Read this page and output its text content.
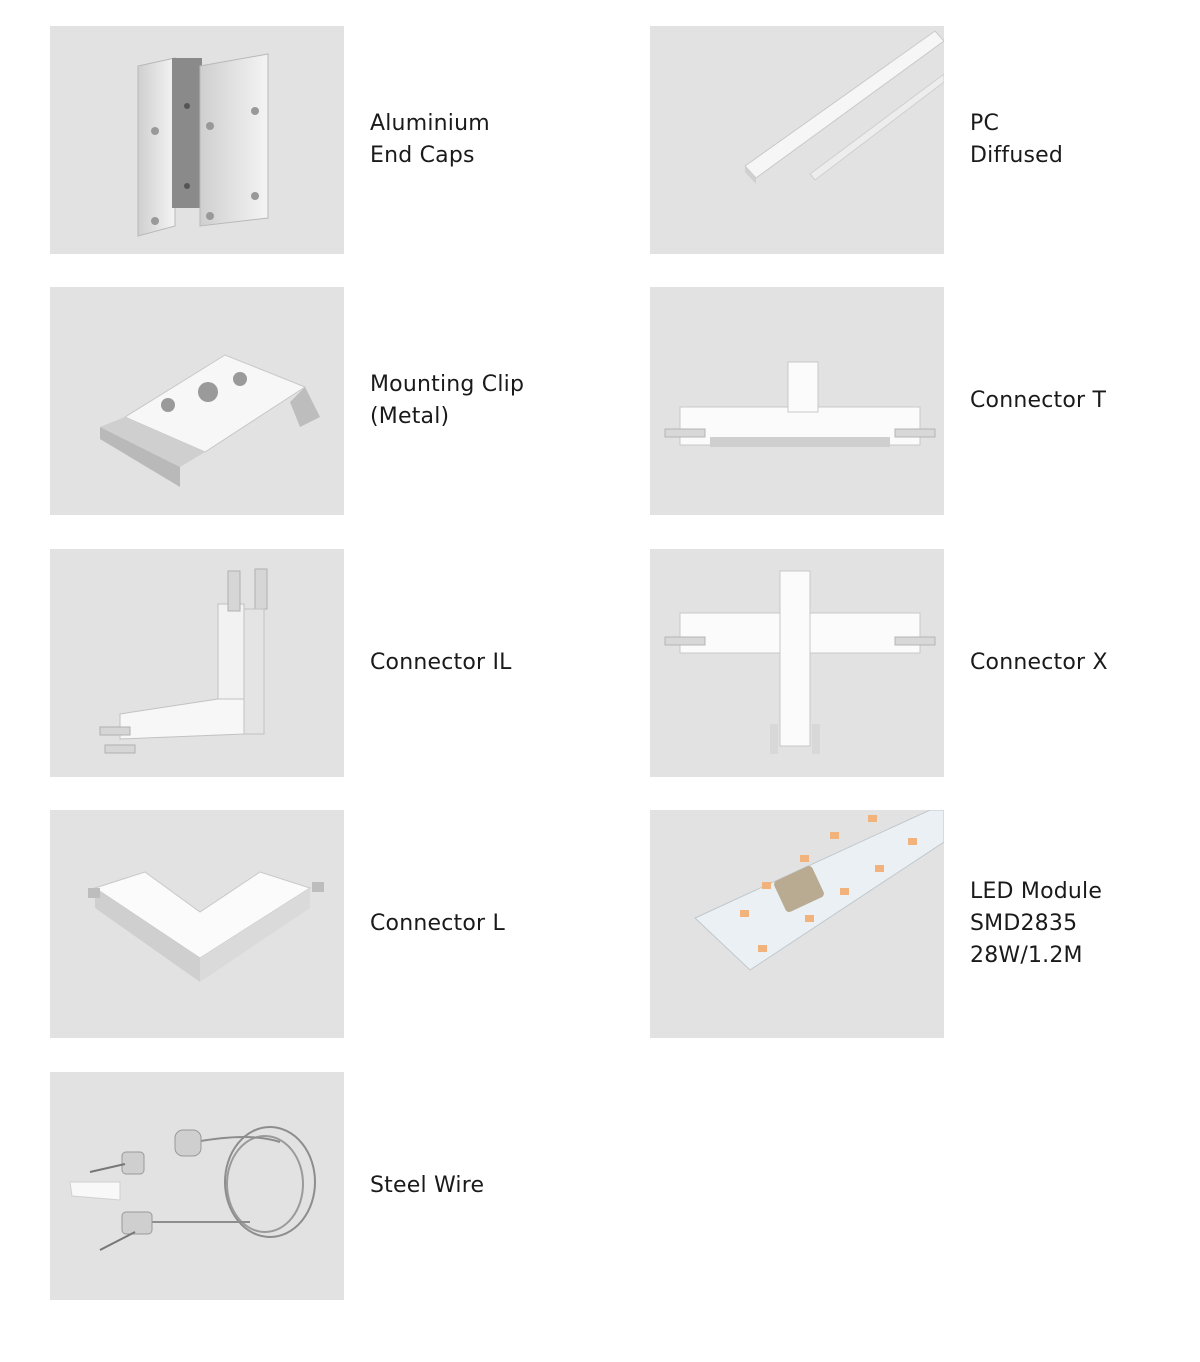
Aluminium
End Caps
PC
Diffused
Mounting Clip
(Metal)
Connector T
Connector IL	Connector X
Connector L
LED Module
SMD2835
28W/1.2M
Steel Wire
